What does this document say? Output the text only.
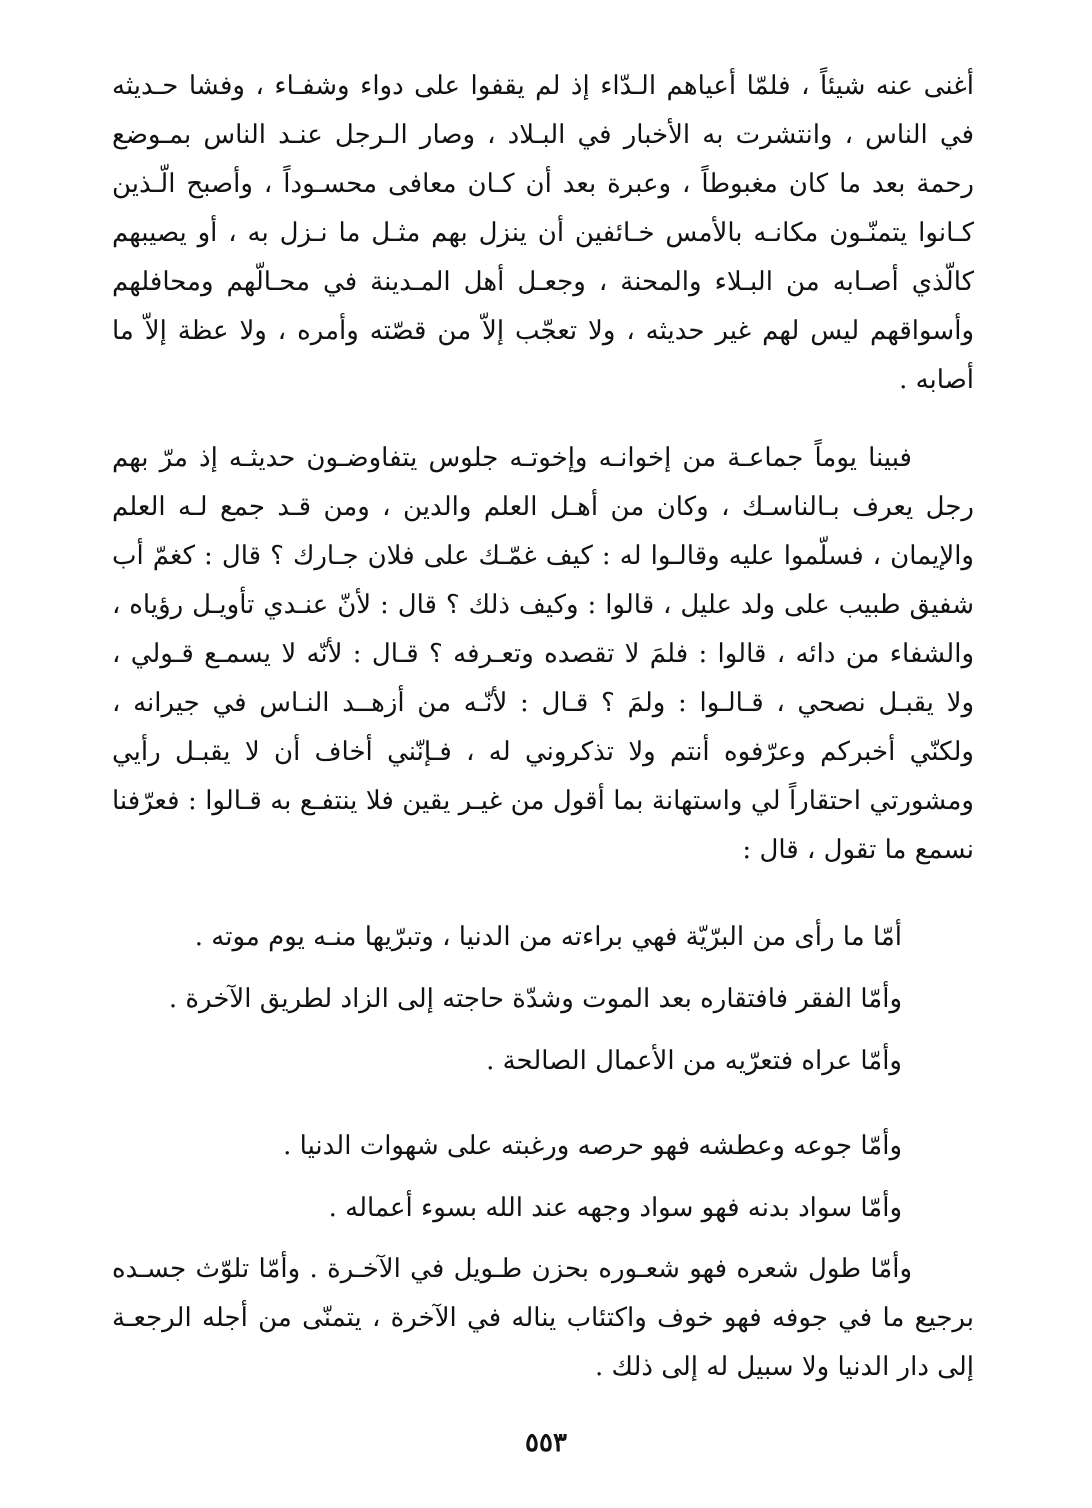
أغنى عنه شيئاً ، فلمّا أعياهم الـدّاء إذ لم يقفوا على دواء وشفـاء ، وفشا حـديثه في الناس ، وانتشرت به الأخبار في البـلاد ، وصار الـرجل عنـد الناس بمـوضع رحمة بعد ما كان مغبوطاً ، وعبرة بعد أن كـان معافى محسـوداً ، وأصبح الّـذين كـانوا يتمنّـون مكانـه بالأمس خـائفين أن ينزل بهم مثـل ما نـزل به ، أو يصيبهم كالّذي أصـابه من البـلاء والمحنة ، وجعـل أهل المـدينة في محـالّهم ومحافلهم وأسواقهم ليس لهم غير حديثه ، ولا تعجّب إلاّ من قصّته وأمره ، ولا عظة إلاّ ما أصابه .

فبينا يوماً جماعـة من إخوانـه وإخوتـه جلوس يتفاوضـون حديثـه إذ مرّ بهم رجل يعرف بـالناسـك ، وكان من أهـل العلم والدين ، ومن قـد جمع لـه العلم والإيمان ، فسلّموا عليه وقالـوا له : كيف غمّـك على فلان جـارك ؟ قال : كغمّ أب شفيق طبيب على ولد عليل ، قالوا : وكيف ذلك ؟ قال : لأنّ عنـدي تأويـل رؤياه ، والشفاء من دائه ، قالوا : فلمَ لا تقصده وتعـرفه ؟ قـال : لأنّه لا يسمـع قـولي ، ولا يقبـل نصحي ، قـالـوا : ولمَ ؟ قـال : لأنّـه من أزهــد النـاس في جيرانه ، ولكنّي أخبركم وعرّفوه أنتم ولا تذكروني له ، فـإنّني أخاف أن لا يقبـل رأيي ومشورتي احتقاراً لي واستهانة بما أقول من غيـر يقين فلا ينتفـع به قـالوا : فعرّفنا نسمع ما تقول ، قال :

أمّا ما رأى من البرّيّة فهي براءته من الدنيا ، وتبرّيها منـه يوم موته .

وأمّا الفقر فافتقاره بعد الموت وشدّة حاجته إلى الزاد لطريق الآخرة .

وأمّا عراه فتعرّيه من الأعمال الصالحة .

وأمّا جوعه وعطشه فهو حرصه ورغبته على شهوات الدنيا .

وأمّا سواد بدنه فهو سواد وجهه عند الله بسوء أعماله .

وأمّا طول شعره فهو شعـوره بحزن طـويل في الآخـرة . وأمّا تلوّث جسـده برجيع ما في جوفه فهو خوف واكتئاب يناله في الآخرة ، يتمنّى من أجله الرجعـة إلى دار الدنيا ولا سبيل له إلى ذلك .

٥٥٣
